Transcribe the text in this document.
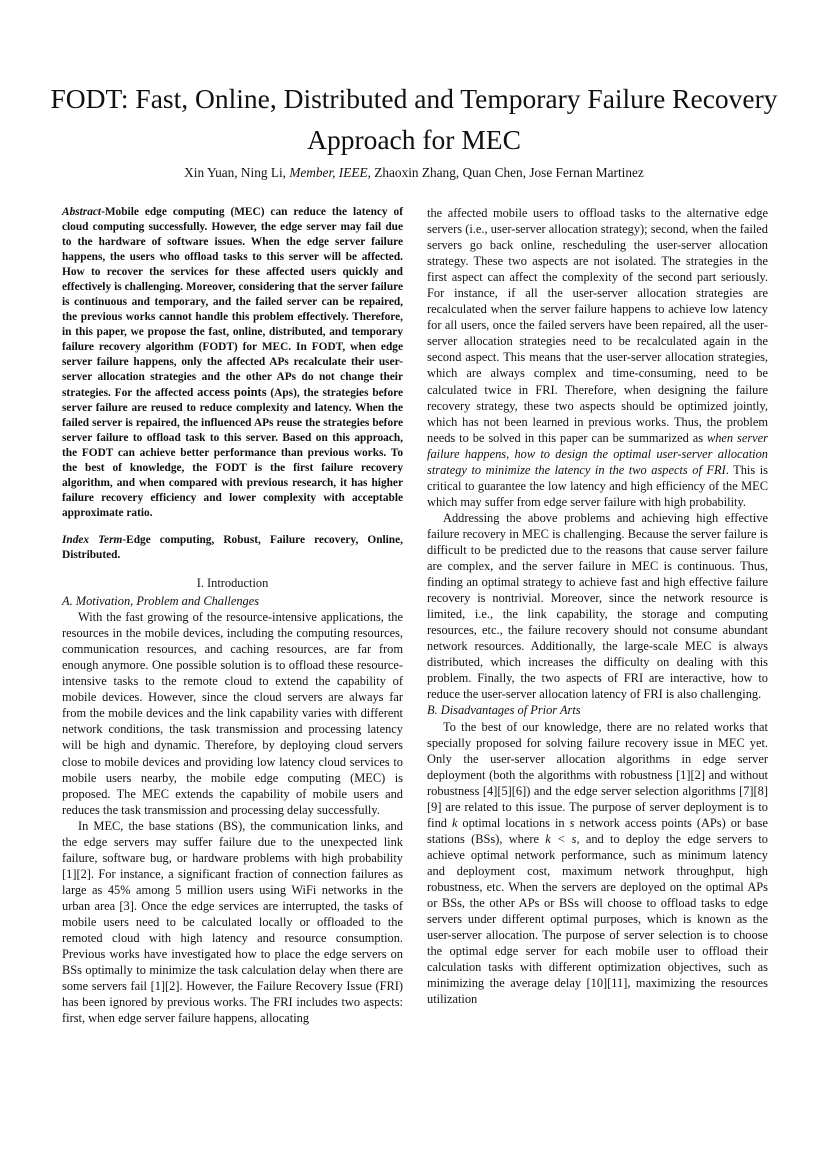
FODT: Fast, Online, Distributed and Temporary Failure Recovery Approach for MEC
Xin Yuan, Ning Li, Member, IEEE, Zhaoxin Zhang, Quan Chen, Jose Fernan Martinez

Abstract-Mobile edge computing (MEC) can reduce the latency of cloud computing successfully. However, the edge server may fail due to the hardware of software issues. When the edge server failure happens, the users who offload tasks to this server will be affected. How to recover the services for these affected users quickly and effectively is challenging. Moreover, considering that the server failure is continuous and temporary, and the failed server can be repaired, the previous works cannot handle this problem effectively. Therefore, in this paper, we propose the fast, online, distributed, and temporary failure recovery algorithm (FODT) for MEC. In FODT, when edge server failure happens, only the affected APs recalculate their user-server allocation strategies and the other APs do not change their strategies. For the affected access points (Aps), the strategies before server failure are reused to reduce complexity and latency. When the failed server is repaired, the influenced APs reuse the strategies before server failure to offload task to this server. Based on this approach, the FODT can achieve better performance than previous works. To the best of knowledge, the FODT is the first failure recovery algorithm, and when compared with previous research, it has higher failure recovery efficiency and lower complexity with acceptable approximate ratio.

Index Term-Edge computing, Robust, Failure recovery, Online, Distributed.

I. Introduction

A. Motivation, Problem and Challenges

With the fast growing of the resource-intensive applications, the resources in the mobile devices, including the computing resources, communication resources, and caching resources, are far from enough anymore. One possible solution is to offload these resource-intensive tasks to the remote cloud to extend the capability of mobile devices. However, since the cloud servers are always far from the mobile devices and the link capability varies with different network conditions, the task transmission and processing latency will be high and dynamic. Therefore, by deploying cloud servers close to mobile devices and providing low latency cloud services to mobile users nearby, the mobile edge computing (MEC) is proposed. The MEC extends the capability of mobile users and reduces the task transmission and processing delay successfully.

In MEC, the base stations (BS), the communication links, and the edge servers may suffer failure due to the unexpected link failure, software bug, or hardware problems with high probability [1][2]. For instance, a significant fraction of connection failures as large as 45% among 5 million users using WiFi networks in the urban area [3]. Once the edge services are interrupted, the tasks of mobile users need to be calculated locally or offloaded to the remoted cloud with high latency and resource consumption. Previous works have investigated how to place the edge servers on BSs optimally to minimize the task calculation delay when there are some servers fail [1][2]. However, the Failure Recovery Issue (FRI) has been ignored by previous works. The FRI includes two aspects: first, when edge server failure happens, allocating

the affected mobile users to offload tasks to the alternative edge servers (i.e., user-server allocation strategy); second, when the failed servers go back online, rescheduling the user-server allocation strategy. These two aspects are not isolated. The strategies in the first aspect can affect the complexity of the second part seriously. For instance, if all the user-server allocation strategies are recalculated when the server failure happens to achieve low latency for all users, once the failed servers have been repaired, all the user-server allocation strategies need to be recalculated again in the second aspect. This means that the user-server allocation strategies, which are always complex and time-consuming, need to be calculated twice in FRI. Therefore, when designing the failure recovery strategy, these two aspects should be optimized jointly, which has not been learned in previous works. Thus, the problem needs to be solved in this paper can be summarized as when server failure happens, how to design the optimal user-server allocation strategy to minimize the latency in the two aspects of FRI. This is critical to guarantee the low latency and high efficiency of the MEC which may suffer from edge server failure with high probability.

Addressing the above problems and achieving high effective failure recovery in MEC is challenging. Because the server failure is difficult to be predicted due to the reasons that cause server failure are complex, and the server failure in MEC is continuous. Thus, finding an optimal strategy to achieve fast and high effective failure recovery is nontrivial. Moreover, since the network resource is limited, i.e., the link capability, the storage and computing resources, etc., the failure recovery should not consume abundant network resources. Additionally, the large-scale MEC is always distributed, which increases the difficulty on dealing with this problem. Finally, the two aspects of FRI are interactive, how to reduce the user-server allocation latency of FRI is also challenging.

B. Disadvantages of Prior Arts

To the best of our knowledge, there are no related works that specially proposed for solving failure recovery issue in MEC yet. Only the user-server allocation algorithms in edge server deployment (both the algorithms with robustness [1][2] and without robustness [4][5][6]) and the edge server selection algorithms [7][8][9] are related to this issue. The purpose of server deployment is to find k optimal locations in s network access points (APs) or base stations (BSs), where k < s, and to deploy the edge servers to achieve optimal network performance, such as minimum latency and deployment cost, maximum network throughput, high robustness, etc. When the servers are deployed on the optimal APs or BSs, the other APs or BSs will choose to offload tasks to edge servers under different optimal purposes, which is known as the user-server allocation. The purpose of server selection is to choose the optimal edge server for each mobile user to offload their calculation tasks with different optimization objectives, such as minimizing the average delay [10][11], maximizing the resources utilization
